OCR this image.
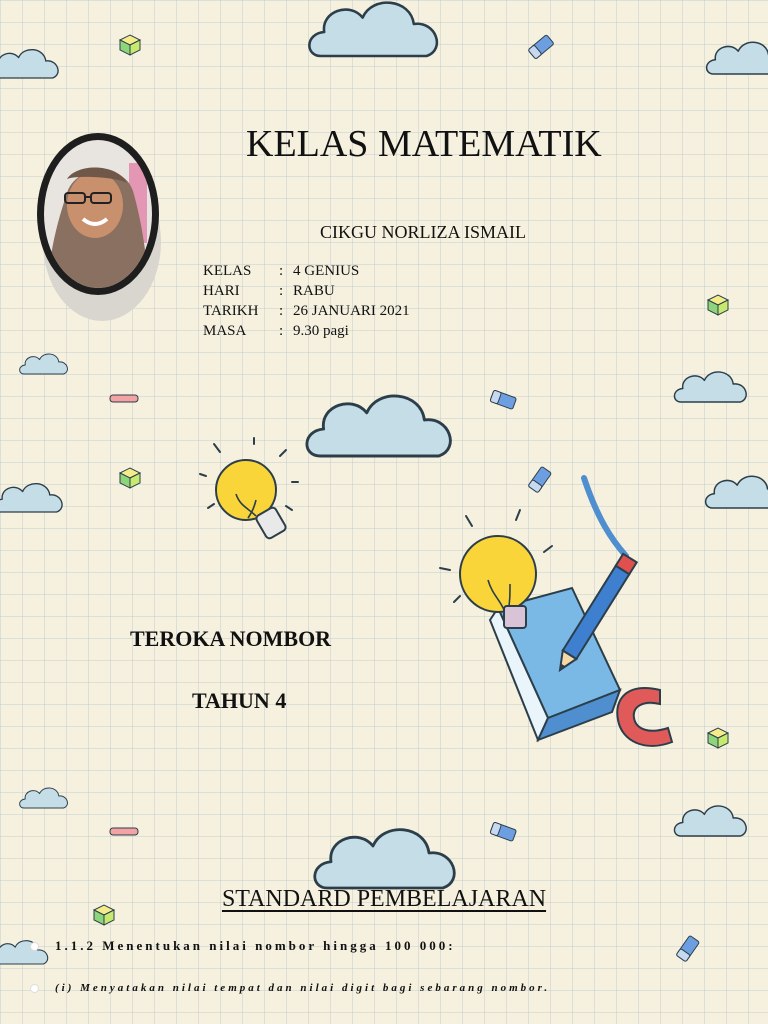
KELAS MATEMATIK
CIKGU NORLIZA ISMAIL
KELAS	: 4 GENIUS
HARI	: RABU
TARIKH	: 26 JANUARI 2021
MASA	: 9.30 pagi
TEROKA NOMBOR
TAHUN 4
STANDARD PEMBELAJARAN
1.1.2 Menentukan nilai nombor hingga 100 000:
(i) Menyatakan nilai tempat dan nilai digit bagi sebarang nombor.
